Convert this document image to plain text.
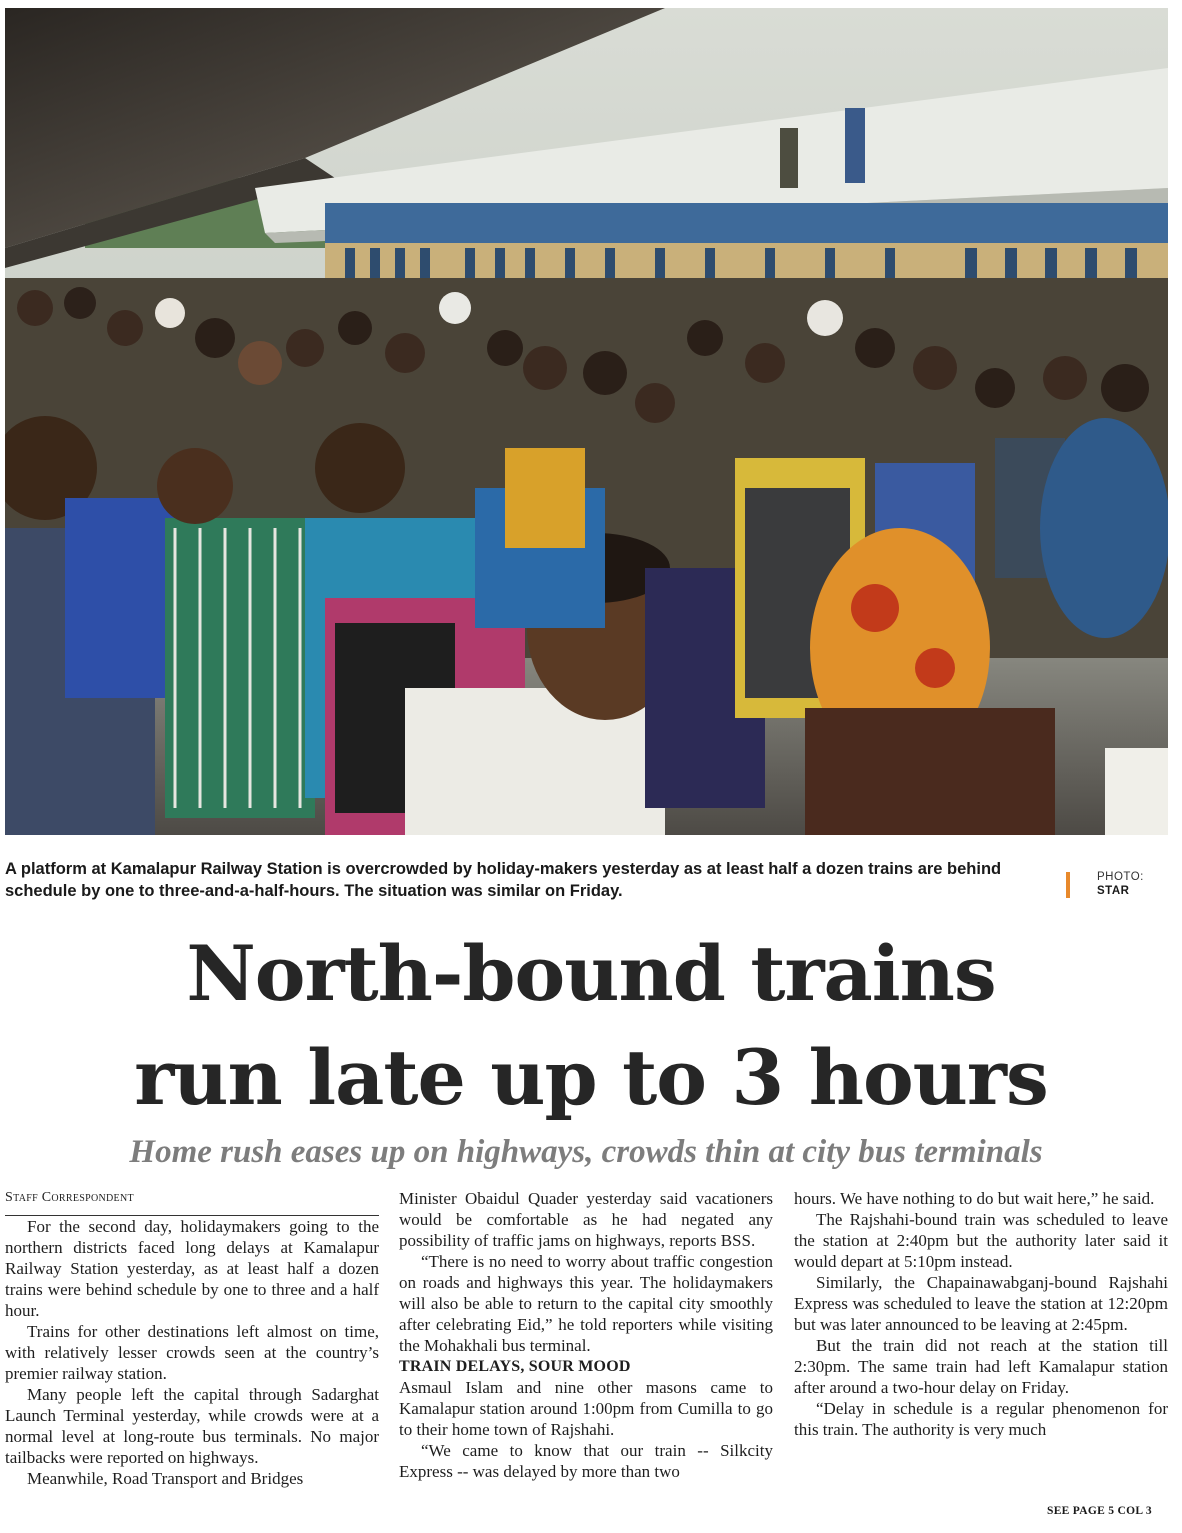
A platform at Kamalapur Railway Station is overcrowded by holiday-makers yesterday as at least half a dozen trains are behind schedule by one to three-and-a-half-hours. The situation was similar on Friday.
PHOTO:
STAR
North-bound trains
run late up to 3 hours
Home rush eases up on highways, crowds thin at city bus terminals

Staff Correspondent

For the second day, holidaymakers going to the northern districts faced long delays at Kamalapur Railway Station yesterday, as at least half a dozen trains were behind schedule by one to three and a half hour.

Trains for other destinations left almost on time, with relatively lesser crowds seen at the country’s premier railway station.

Many people left the capital through Sadarghat Launch Terminal yesterday, while crowds were at a normal level at long-route bus terminals. No major tailbacks were reported on highways.

Meanwhile, Road Transport and Bridges

Minister Obaidul Quader yesterday said vacationers would be comfortable as he had negated any possibility of traffic jams on highways, reports BSS.

“There is no need to worry about traffic congestion on roads and highways this year. The holidaymakers will also be able to return to the capital city smoothly after celebrating Eid,” he told reporters while visiting the Mohakhali bus terminal.

TRAIN DELAYS, SOUR MOOD

Asmaul Islam and nine other masons came to Kamalapur station around 1:00pm from Cumilla to go to their home town of Rajshahi.

“We came to know that our train -- Silkcity Express -- was delayed by more than two

hours. We have nothing to do but wait here,” he said.

The Rajshahi-bound train was scheduled to leave the station at 2:40pm but the authority later said it would depart at 5:10pm instead.

Similarly, the Chapainawabganj-bound Rajshahi Express was scheduled to leave the station at 12:20pm but was later announced to be leaving at 2:45pm.

But the train did not reach at the station till 2:30pm. The same train had left Kamalapur station after around a two-hour delay on Friday.

“Delay in schedule is a regular phenomenon for this train. The authority is very much

SEE PAGE 5 COL 3
